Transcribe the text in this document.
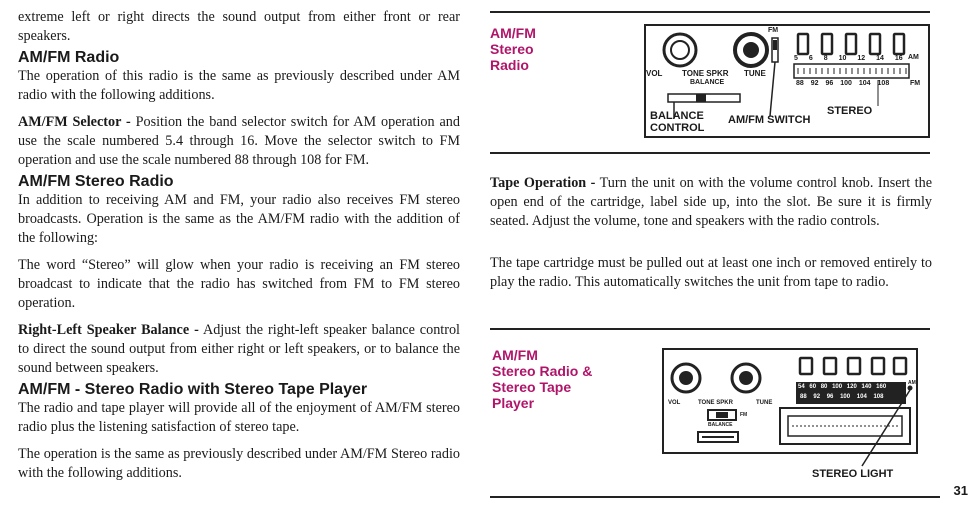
extreme left or right directs the sound output from either front or rear speakers.

AM/FM Radio

The operation of this radio is the same as previously described under AM radio with the following additions.

AM/FM Selector - Position the band selector switch for AM operation and use the scale numbered 5.4 through 16. Move the selector switch to FM operation and use the scale numbered 88 through 108 for FM.

AM/FM Stereo Radio

In addition to receiving AM and FM, your radio also receives FM stereo broadcasts. Operation is the same as the AM/FM radio with the addition of the following:

The word “Stereo” will glow when your radio is receiving an FM stereo broadcast to indicate that the radio has switched from FM to FM stereo operation.

Right-Left Speaker Balance - Adjust the right-left speaker balance control to direct the sound output from either right or left speakers, or to balance the sound between speakers.

AM/FM - Stereo Radio with Stereo Tape Player

The radio and tape player will provide all of the enjoyment of AM/FM stereo radio plus the listening satisfaction of stereo tape.

The operation is the same as previously described under AM/FM Stereo radio with the following additions.

AM/FM
Stereo
Radio
VOL TONE SPKR
BALANCE
TUNE
FM
AM
FM
5 6 8 10 12 14 16
88 92 96 100 104 108
STEREO
BALANCE
CONTROL
AM/FM SWITCH

Tape Operation - Turn the unit on with the volume control knob. Insert the open end of the cartridge, label side up, into the slot. Be sure it is firmly seated. Adjust the volume, tone and speakers with the radio controls.

The tape cartridge must be pulled out at least one inch or removed entirely to play the radio. This automatically switches the unit from tape to radio.

AM/FM
Stereo Radio &
Stereo Tape
Player	VOL	TONE SPKR	TUNE
BALANCE
FM
AM
54 60 80 100 120 140 160
88 92 96 100 104 108
STEREO LIGHT
31
